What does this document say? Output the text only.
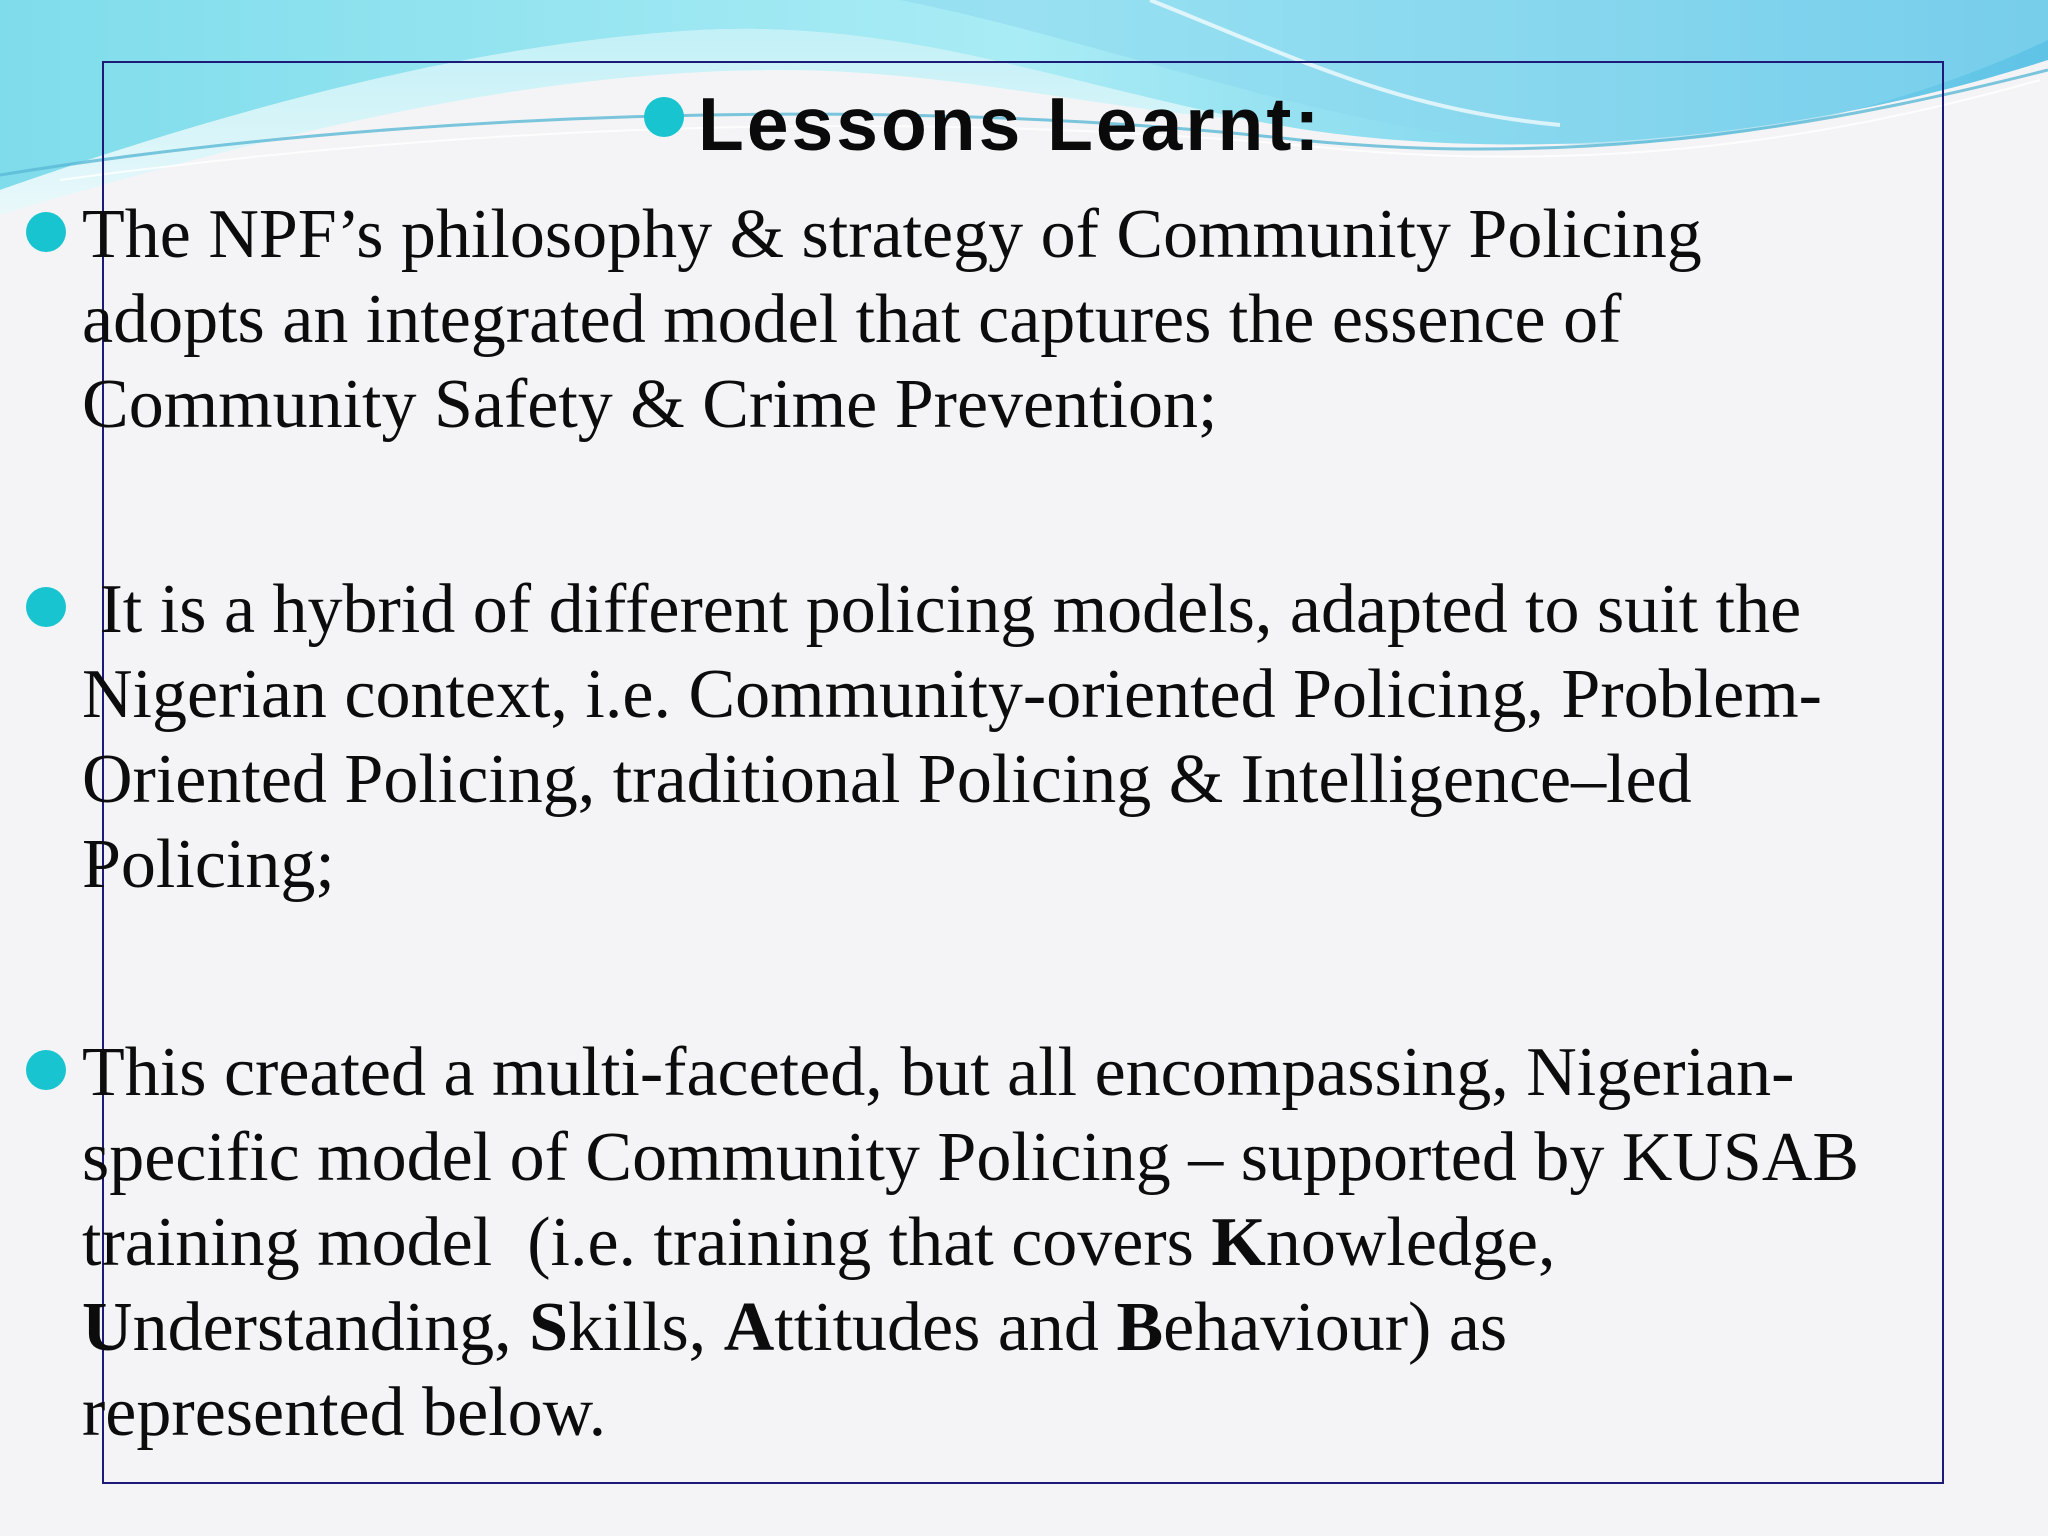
Lessons Learnt:

The NPF’s philosophy & strategy of Community Policing

adopts an integrated model that captures the essence of

Community Safety & Crime Prevention;

It is a hybrid of different policing models, adapted to suit the

Nigerian context, i.e. Community-oriented Policing, Problem-

Oriented Policing, traditional Policing & Intelligence–led

Policing;

This created a multi-faceted, but all encompassing, Nigerian-

specific model of Community Policing – supported by KUSAB

training model  (i.e. training that covers Knowledge,

Understanding, Skills, Attitudes and Behaviour) as

represented below.
